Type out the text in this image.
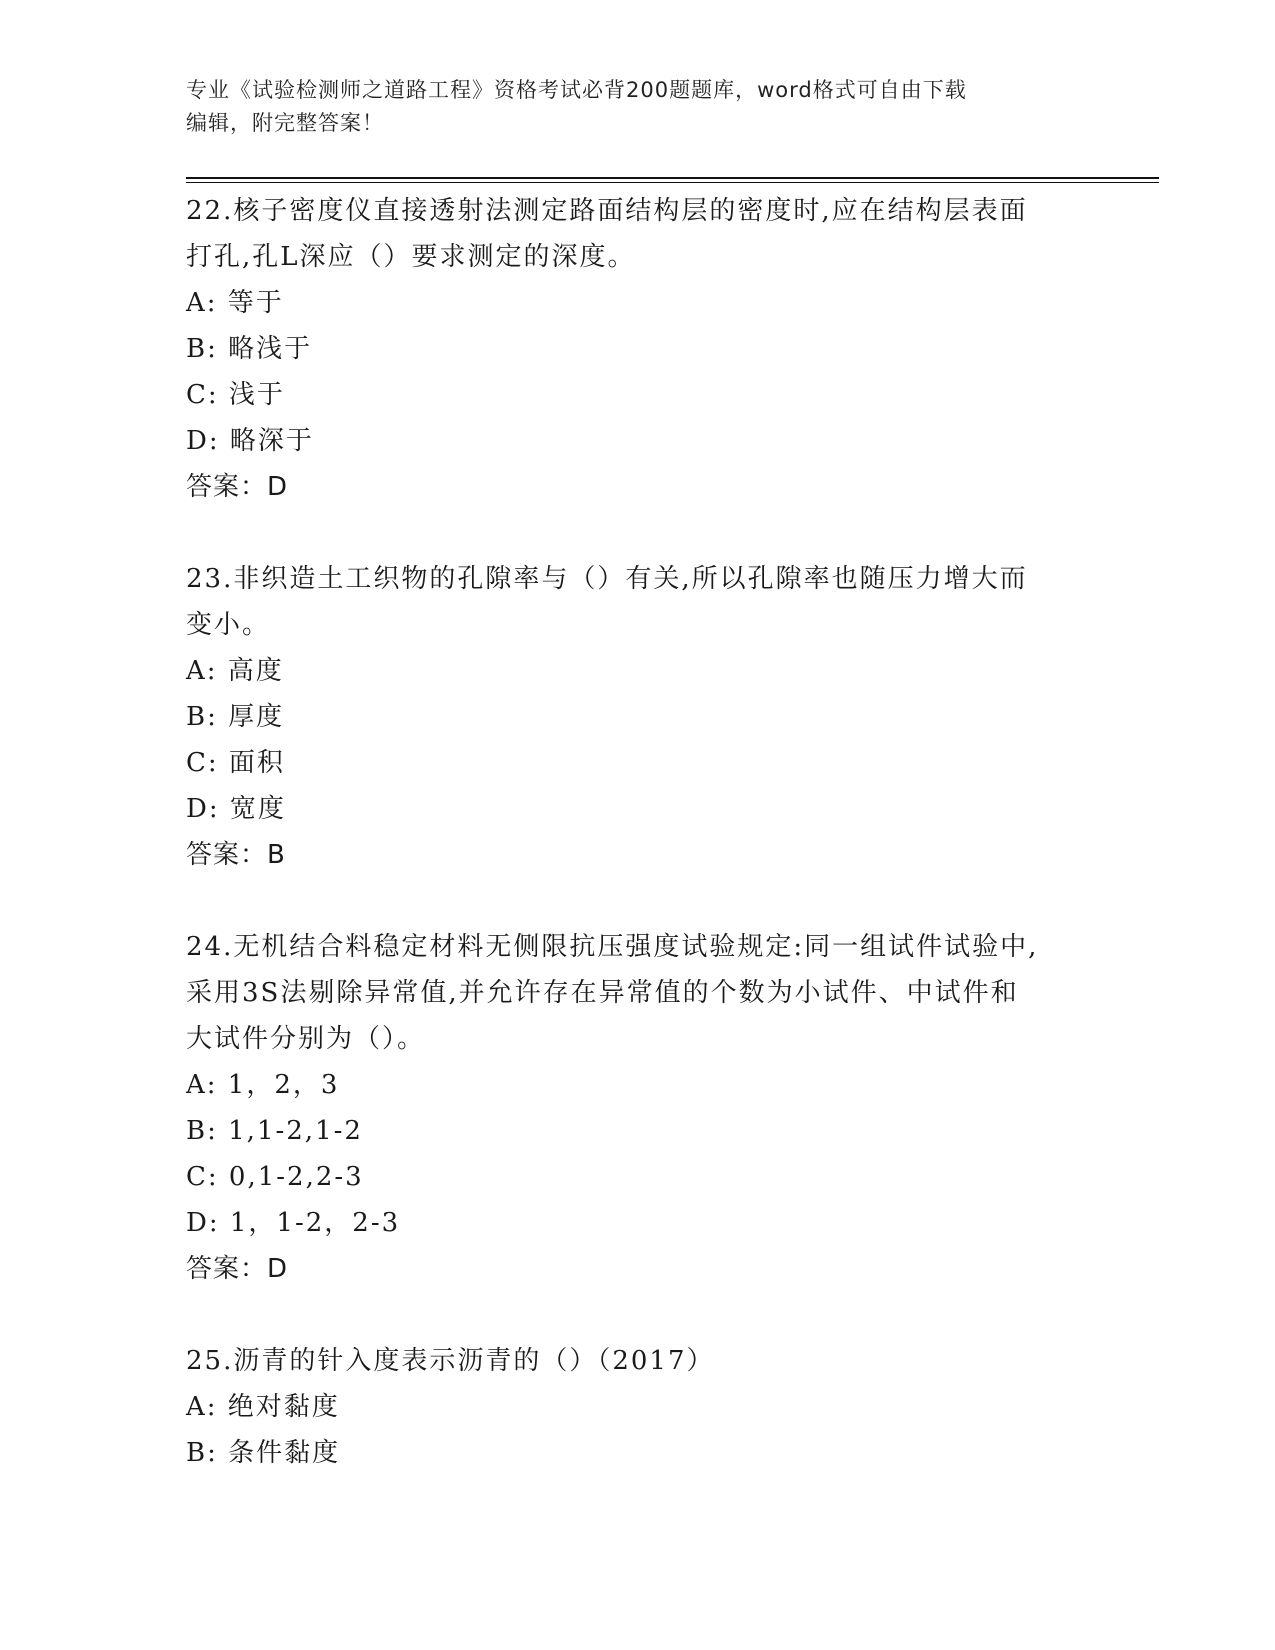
专业《试验检测师之道路工程》资格考试必背200题题库，word格式可自由下载
编辑，附完整答案！

22.核子密度仪直接透射法测定路面结构层的密度时,应在结构层表面

打孔,孔L深应（）要求测定的深度。

A: 等于

B: 略浅于

C: 浅于

D: 略深于

答案：D

23.非织造土工织物的孔隙率与（）有关,所以孔隙率也随压力增大而

变小。

A: 高度

B: 厚度

C: 面积

D: 宽度

答案：B

24.无机结合料稳定材料无侧限抗压强度试验规定:同一组试件试验中,

采用3S法剔除异常值,并允许存在异常值的个数为小试件、中试件和

大试件分别为（）。

A: 1，2，3

B: 1,1-2,1-2

C: 0,1-2,2-3

D: 1，1-2，2-3

答案：D

25.沥青的针入度表示沥青的（）（2017）

A: 绝对黏度

B: 条件黏度
